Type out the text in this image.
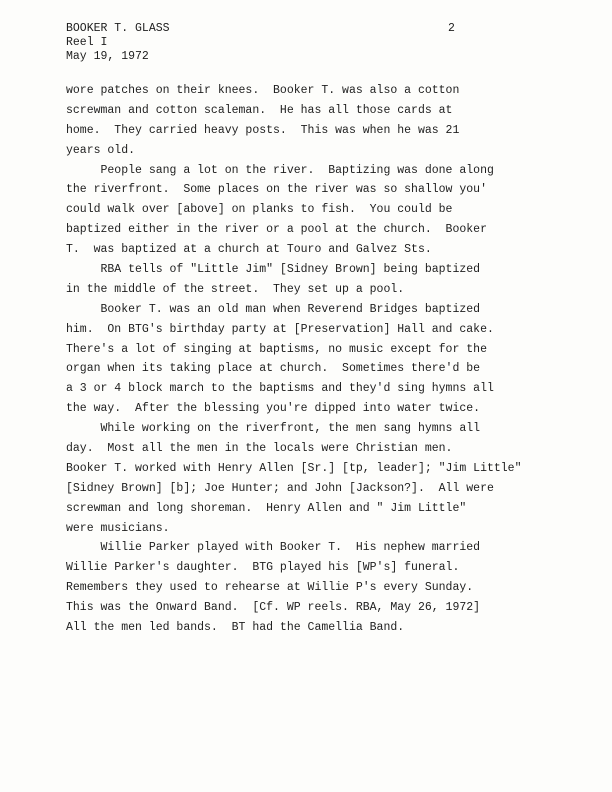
BOOKER T. GLASS
Reel I
May 19, 1972
2
wore patches on their knees.  Booker T. was also a cotton
screwman and cotton scaleman.  He has all those cards at
home.  They carried heavy posts.  This was when he was 21
years old.
People sang a lot on the river.  Baptizing was done along
the riverfront.  Some places on the river was so shallow you'
could walk over [above] on planks to fish.  You could be
baptized either in the river or a pool at the church.  Booker
T.  was baptized at a church at Touro and Galvez Sts.
RBA tells of "Little Jim" [Sidney Brown] being baptized
in the middle of the street.  They set up a pool.
Booker T. was an old man when Reverend Bridges baptized
him.  On BTG's birthday party at [Preservation] Hall and cake.
There's a lot of singing at baptisms, no music except for the
organ when its taking place at church.  Sometimes there'd be
a 3 or 4 block march to the baptisms and they'd sing hymns all
the way.  After the blessing you're dipped into water twice.
While working on the riverfront, the men sang hymns all
day.  Most all the men in the locals were Christian men.
Booker T. worked with Henry Allen [Sr.] [tp, leader]; "Jim Little"
[Sidney Brown] [b]; Joe Hunter; and John [Jackson?].  All were
screwman and long shoreman.  Henry Allen and " Jim Little"
were musicians.
Willie Parker played with Booker T.  His nephew married
Willie Parker's daughter.  BTG played his [WP's] funeral.
Remembers they used to rehearse at Willie P's every Sunday.
This was the Onward Band.  [Cf. WP reels. RBA, May 26, 1972]
All the men led bands.  BT had the Camellia Band.
